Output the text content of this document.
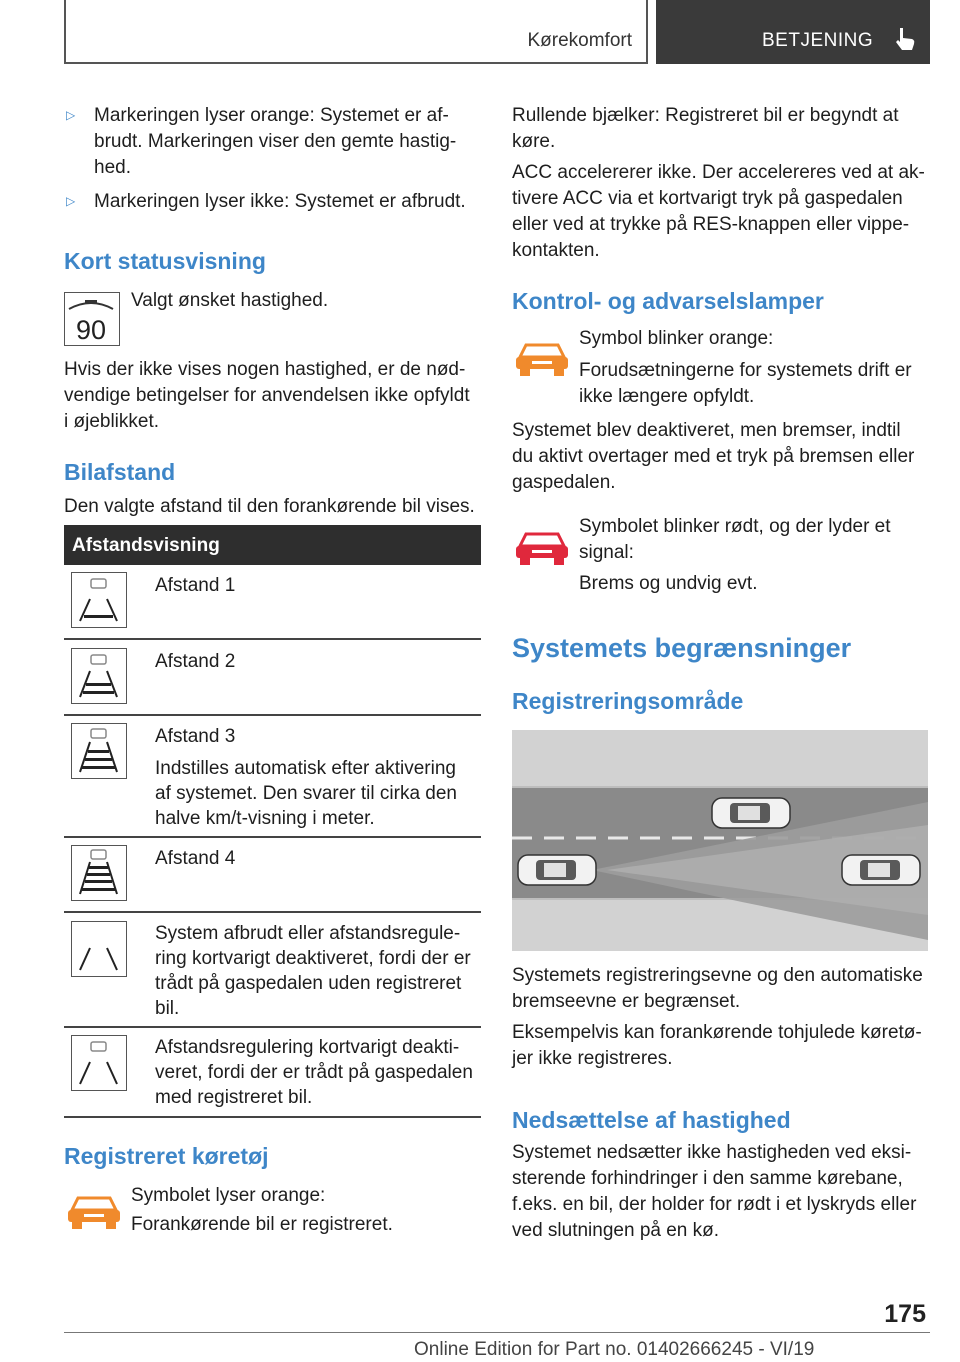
Kørekomfort	BETJENING
▷ Markeringen lyser orange: Systemet er af-
brudt. Markeringen viser den gemte hastig-
hed.
▷ Markeringen lyser ikke: Systemet er afbrudt.
Kort statusvisning
90
Valgt ønsket hastighed.
Hvis der ikke vises nogen hastighed, er de nød-
vendige betingelser for anvendelsen ikke opfyldt
i øjeblikket.
Bilafstand
Den valgte afstand til den forankørende bil vises.
Afstandsvisning
Afstand 1
Afstand 2
Afstand 3
Indstilles automatisk efter aktivering
af systemet. Den svarer til cirka den
halve km/t-visning i meter.
Afstand 4
System afbrudt eller afstandsregule-
ring kortvarigt deaktiveret, fordi der er
trådt på gaspedalen uden registreret
bil.
Afstandsregulering kortvarigt deakti-
veret, fordi der er trådt på gaspedalen
med registreret bil.
Registreret køretøj
Symbolet lyser orange:
Forankørende bil er registreret.
Rullende bjælker: Registreret bil er begyndt at
køre.
ACC accelererer ikke. Der accelereres ved at ak-
tivere ACC via et kortvarigt tryk på gaspedalen
eller ved at trykke på RES-knappen eller vippe-
kontakten.
Kontrol- og advarselslamper
Symbol blinker orange:
Forudsætningerne for systemets drift er
ikke længere opfyldt.
Systemet blev deaktiveret, men bremser, indtil
du aktivt overtager med et tryk på bremsen eller
gaspedalen.
Symbolet blinker rødt, og der lyder et
signal:
Brems og undvig evt.
Systemets begrænsninger
Registreringsområde
Systemets registreringsevne og den automatiske
bremseevne er begrænset.
Eksempelvis kan forankørende tohjulede køretø-
jer ikke registreres.
Nedsættelse af hastighed
Systemet nedsætter ikke hastigheden ved eksi-
sterende forhindringer i den samme kørebane,
f.eks. en bil, der holder for rødt i et lyskryds eller
ved slutningen på en kø.
175
Online Edition for Part no. 01402666245 - VI/19
